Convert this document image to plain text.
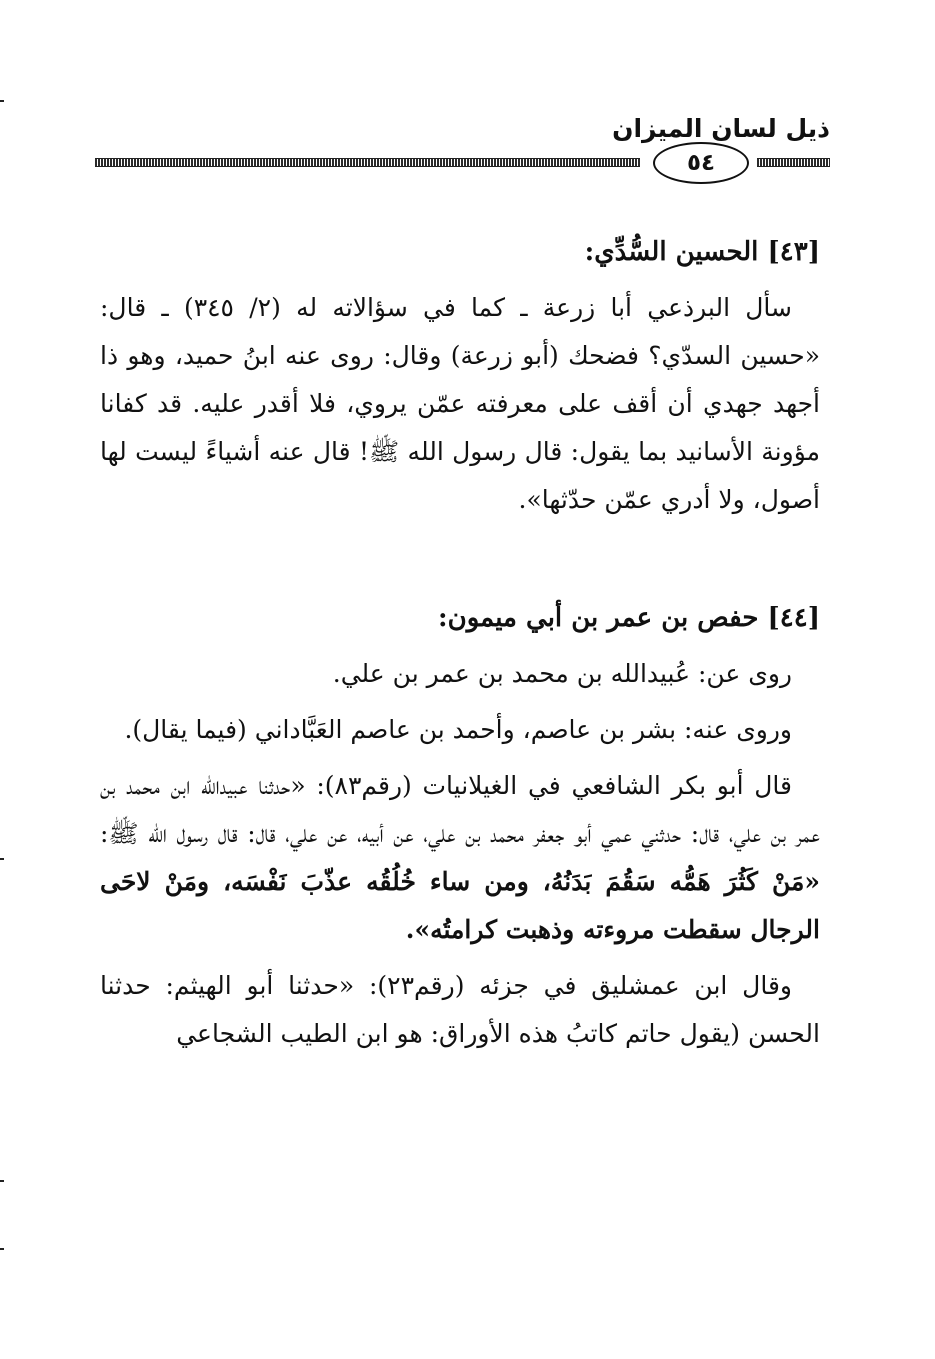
ذيل لسان الميزان
٥٤

[٤٣] الحسين السُّدِّي:

سأل البرذعي أبا زرعة ـ كما في سؤالاته له (٢/ ٣٤٥) ـ قال: «حسين السدّي؟ فضحك (أبو زرعة) وقال: روى عنه ابنُ حميد، وهو ذا أجهد جهدي أن أقف على معرفته عمّن يروي، فلا أقدر عليه. قد كفانا مؤونة الأسانيد بما يقول: قال رسول الله ﷺ! قال عنه أشياءً ليست لها أصول، ولا أدري عمّن حدّثها».

[٤٤] حفص بن عمر بن أبي ميمون:

روى عن: عُبيدالله بن محمد بن عمر بن علي.

وروى عنه: بشر بن عاصم، وأحمد بن عاصم العَبَّاداني (فيما يقال).

قال أبو بكر الشافعي في الغيلانيات (رقم٨٣): «حدثنا عبيدالله ابن محمد بن عمر بن علي، قال: حدثني عمي أبو جعفر محمد بن علي، عن أبيه، عن علي، قال: قال رسول الله ﷺ: «مَنْ كَثُرَ هَمُّه سَقُمَ بَدَنُهُ، ومن ساء خُلُقُه عذّبَ نَفْسَه، ومَنْ لاحَى الرجال سقطت مروءته وذهبت كرامتُه».

وقال ابن عمشليق في جزئه (رقم٢٣): «حدثنا أبو الهيثم: حدثنا الحسن (يقول حاتم كاتبُ هذه الأوراق: هو ابن الطيب الشجاعي
